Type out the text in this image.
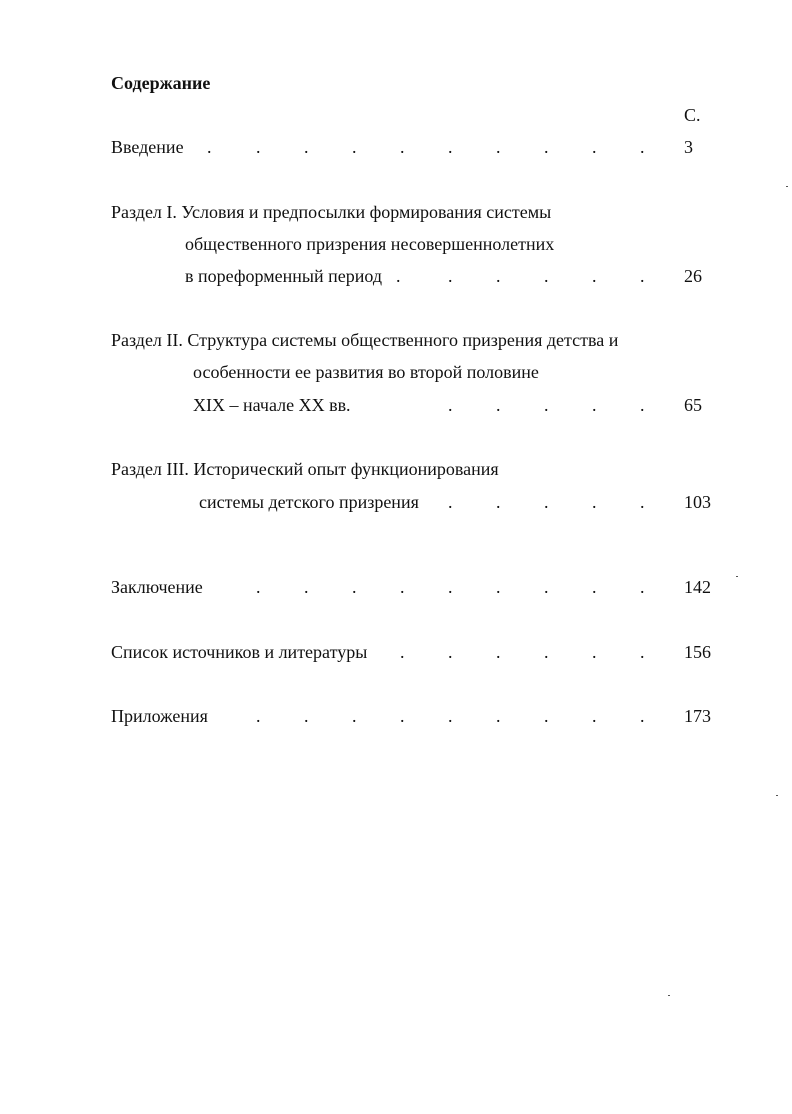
Содержание

С.

Введение . . . . . . . . . . 3

Раздел I. Условия и предпосылки формирования системы

общественного призрения несовершеннолетних

в пореформенный период .	. . . . . 26

Раздел II. Структура системы общественного призрения детства и

особенности ее развития во второй половине

XIX – начале XX вв.	. . . . . 65

Раздел III. Исторический опыт функционирования

системы детского призрения . . . . . 103

Заключение	. . . . . . . . . 142

Список источников и литературы . . . . . . 156

Приложения	. . . . . . . . . 173
